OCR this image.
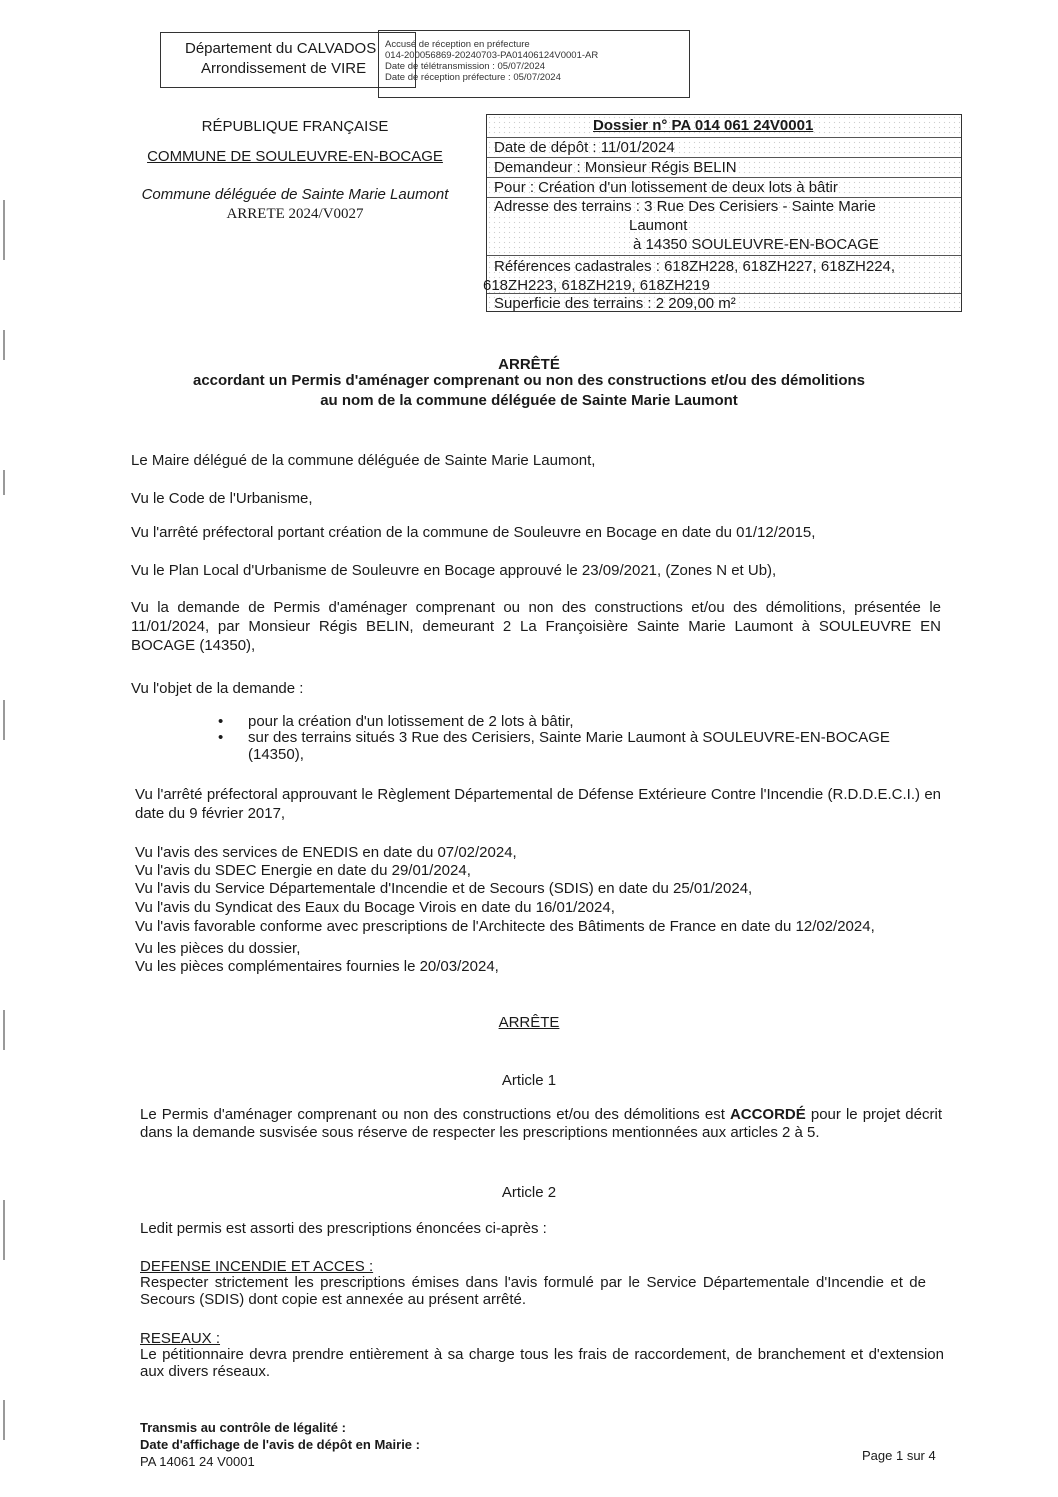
Département du CALVADOS
Arrondissement de VIRE
Accusé de réception en préfecture
014-200056869-20240703-PA01406124V0001-AR
Date de télétransmission : 05/07/2024
Date de réception préfecture : 05/07/2024
RÉPUBLIQUE FRANÇAISE
COMMUNE DE SOULEUVRE-EN-BOCAGE
Commune déléguée de Sainte Marie Laumont
ARRETE 2024/V0027
Dossier n° PA 014 061 24V0001
Date de dépôt : 11/01/2024
Demandeur : Monsieur Régis BELIN
Pour : Création d'un lotissement de deux lots à bâtir
Adresse des terrains : 3 Rue Des Cerisiers - Sainte Marie
Laumont
à 14350 SOULEUVRE-EN-BOCAGE
Références cadastrales : 618ZH228, 618ZH227, 618ZH224,
618ZH223, 618ZH219, 618ZH219
Superficie des terrains : 2 209,00 m²
ARRÊTÉ
accordant un Permis d'aménager comprenant ou non des constructions et/ou des démolitions
au nom de la commune déléguée de Sainte Marie Laumont
Le Maire délégué de la commune déléguée de Sainte Marie Laumont,
Vu le Code de l'Urbanisme,
Vu l'arrêté préfectoral portant création de la commune de Souleuvre en Bocage en date du 01/12/2015,
Vu le Plan Local d'Urbanisme de Souleuvre en Bocage approuvé le 23/09/2021, (Zones N et Ub),
Vu la demande de Permis d'aménager comprenant ou non des constructions et/ou des démolitions, présentée le 11/01/2024, par Monsieur Régis BELIN, demeurant 2 La Françoisière Sainte Marie Laumont à SOULEUVRE EN BOCAGE (14350),
Vu l'objet de la demande :
• pour la création d'un lotissement de 2 lots à bâtir,
• sur des terrains situés 3 Rue des Cerisiers, Sainte Marie Laumont à SOULEUVRE-EN-BOCAGE (14350),
Vu l'arrêté préfectoral approuvant le Règlement Départemental de Défense Extérieure Contre l'Incendie (R.D.D.E.C.I.) en date du 9 février 2017,
Vu l'avis des services de ENEDIS en date du 07/02/2024,
Vu l'avis du SDEC Energie en date du 29/01/2024,
Vu l'avis du Service Départementale d'Incendie et de Secours (SDIS) en date du 25/01/2024,
Vu l'avis du Syndicat des Eaux du Bocage Virois en date du 16/01/2024,
Vu l'avis favorable conforme avec prescriptions de l'Architecte des Bâtiments de France en date du 12/02/2024,
Vu les pièces du dossier,
Vu les pièces complémentaires fournies le 20/03/2024,
ARRÊTE
Article 1
Le Permis d'aménager comprenant ou non des constructions et/ou des démolitions est ACCORDÉ pour le projet décrit dans la demande susvisée sous réserve de respecter les prescriptions mentionnées aux articles 2 à 5.
Article 2
Ledit permis est assorti des prescriptions énoncées ci-après :
DEFENSE INCENDIE ET ACCES :
Respecter strictement les prescriptions émises dans l'avis formulé par le Service Départementale d'Incendie et de Secours (SDIS) dont copie est annexée au présent arrêté.
RESEAUX :
Le pétitionnaire devra prendre entièrement à sa charge tous les frais de raccordement, de branchement et d'extension aux divers réseaux.
Transmis au contrôle de légalité :
Date d'affichage de l'avis de dépôt en Mairie :
PA 14061 24 V0001	Page 1 sur 4
